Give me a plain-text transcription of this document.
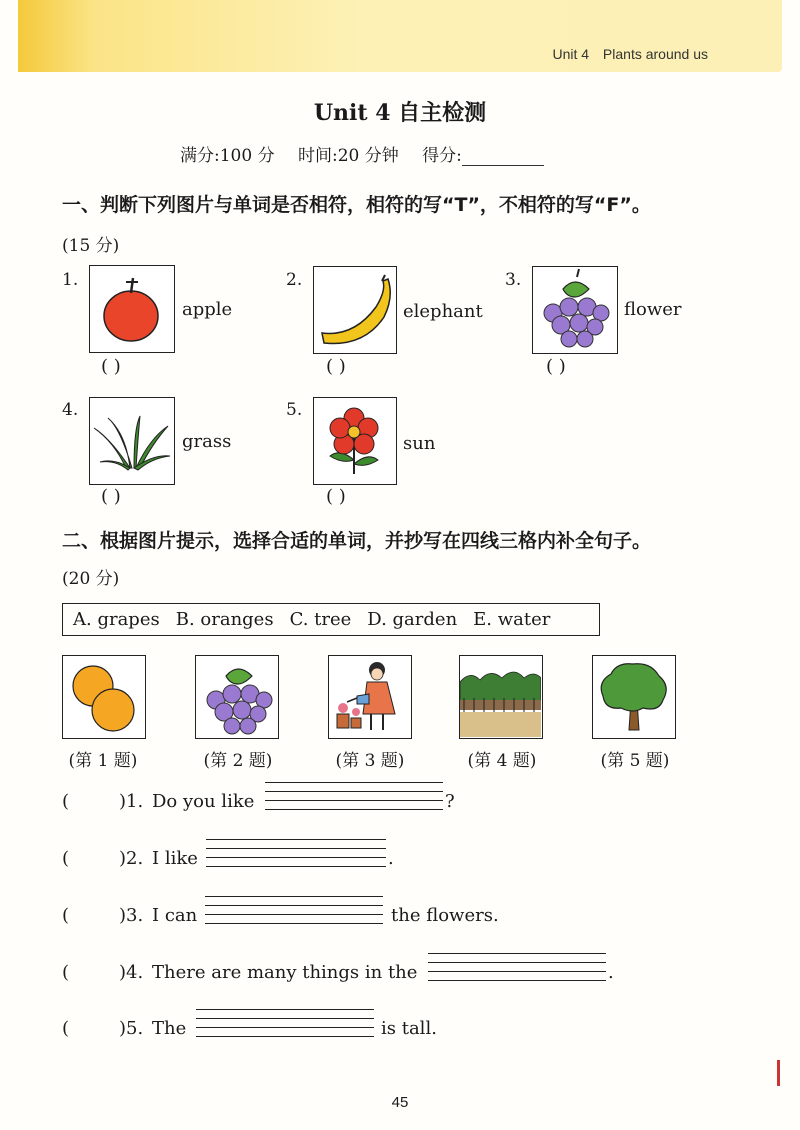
Unit 4 Plants around us
Unit 4 自主检测
满分:100 分 时间:20 分钟 得分:
一、判断下列图片与单词是否相符，相符的写“T”，不相符的写“F”。
(15 分)
1.
apple
( )
2.
elephant
( )
3.
flower
( )
4.
grass
( )
5.
sun
( )
二、根据图片提示，选择合适的单词，并抄写在四线三格内补全句子。
(20 分)
A. grapes B. oranges C. tree D. garden E. water
(第 1 题)	(第 2 题)	(第 3 题)	(第 4 题)	(第 5 题)
(	)1. Do you like	?
(	)2. I like	.
(	)3. I can	the flowers.
(	)4. There are many things in the	.
(	)5. The	is tall.
45
